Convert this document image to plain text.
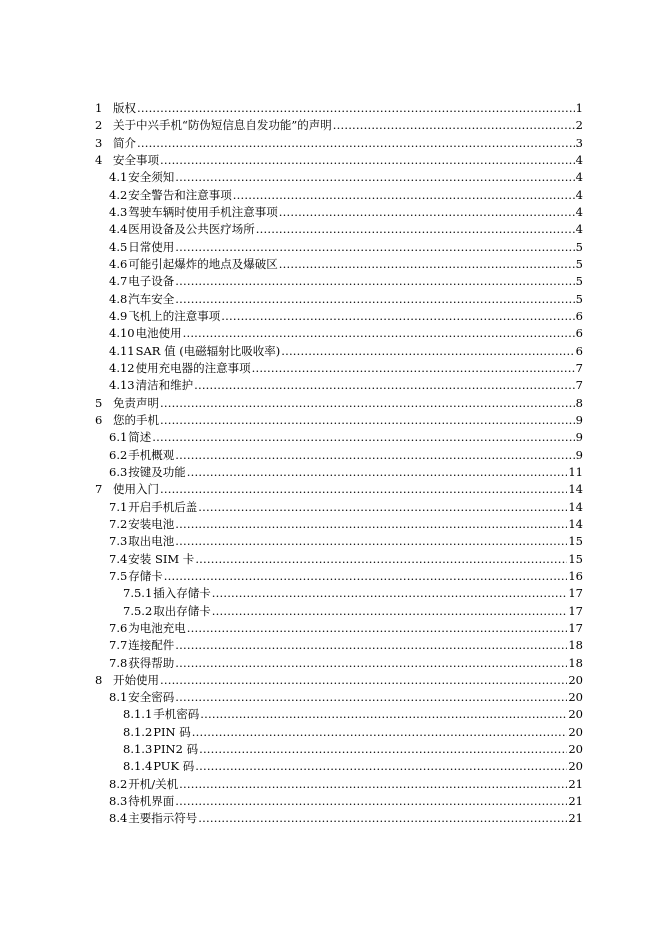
1 版权 .....	1
2 关于中兴手机“防伪短信息自发功能”的声明 .....	2
3 简介 .....	3
4 安全事项 .....	4
4.1 安全须知 .....	4
4.2 安全警告和注意事项 .....	4
4.3 驾驶车辆时使用手机注意事项 .....	4
4.4 医用设备及公共医疗场所 .....	4
4.5 日常使用 .....	5
4.6 可能引起爆炸的地点及爆破区 .....	5
4.7 电子设备 .....	5
4.8 汽车安全 .....	5
4.9 飞机上的注意事项 .....	6
4.10 电池使用 .....	6
4.11 SAR 值 (电磁辐射比吸收率) .....	6
4.12 使用充电器的注意事项 .....	7
4.13 清洁和维护 .....	7
5 免责声明 .....	8
6 您的手机 .....	9
6.1 简述 .....	9
6.2 手机概观 .....	9
6.3 按键及功能 .....	11
7 使用入门 .....	14
7.1 开启手机后盖 .....	14
7.2 安装电池 .....	14
7.3 取出电池 .....	15
7.4 安装 SIM 卡 .....	15
7.5 存储卡 .....	16
7.5.1 插入存储卡 .....	17
7.5.2 取出存储卡 .....	17
7.6 为电池充电 .....	17
7.7 连接配件 .....	18
7.8 获得帮助 .....	18
8 开始使用 .....	20
8.1 安全密码 .....	20
8.1.1 手机密码 .....	20
8.1.2 PIN 码 .....	20
8.1.3 PIN2 码 .....	20
8.1.4 PUK 码 .....	20
8.2 开机/关机 .....	21
8.3 待机界面 .....	21
8.4 主要指示符号 .....	21
